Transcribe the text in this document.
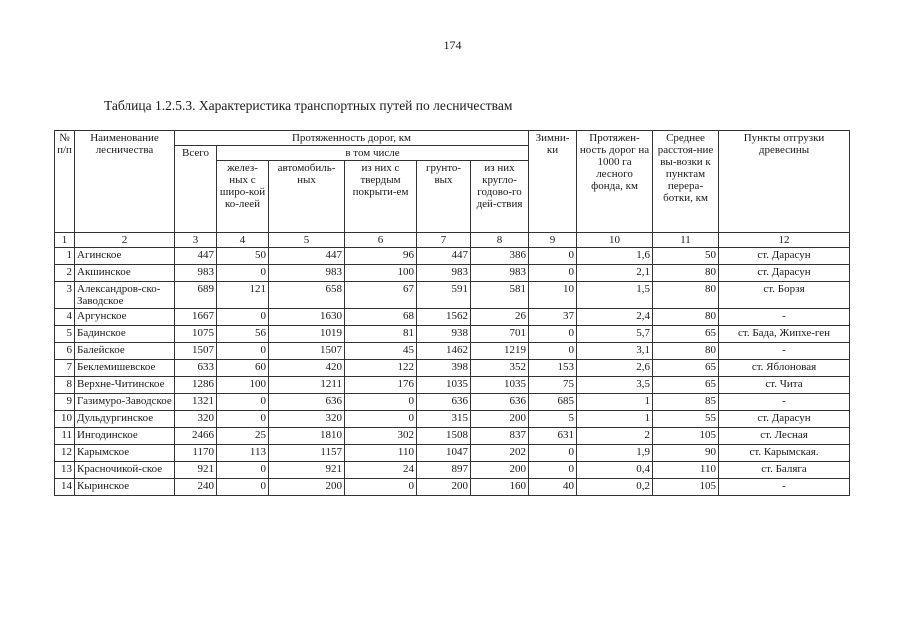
174
Таблица 1.2.5.3. Характеристика транспортных путей по лесничествам
№ п/п	Наименование лесничества	Протяженность дорог, км						Зимни-ки	Протяжен-ность дорог на 1000 га лесного фонда, км	Среднее расстоя-ние вы-возки к пунктам перера-ботки, км	Пункты отгрузки древесины
		Всего	в том числе								
			желез-ных с широ-кой ко-леей	автомобиль-ных	из них с твердым покрыти-ем	грунто-вых	из них кругло-годово-го дей-ствия				
1	2	3	4	5	6	7	8	9	10	11	12
1	Агинское	447	50	447	96	447	386	0	1,6	50	ст. Дарасун
2	Акшинское	983	0	983	100	983	983	0	2,1	80	ст. Дарасун
3	Александров-ско-Заводское	689	121	658	67	591	581	10	1,5	80	ст. Борзя
4	Аргунское	1667	0	1630	68	1562	26	37	2,4	80	-
5	Бадинское	1075	56	1019	81	938	701	0	5,7	65	ст. Бада, Жипхе-ген
6	Балейское	1507	0	1507	45	1462	1219	0	3,1	80	-
7	Беклемишевское	633	60	420	122	398	352	153	2,6	65	ст. Яблоновая
8	Верхне-Читинское	1286	100	1211	176	1035	1035	75	3,5	65	ст. Чита
9	Газимуро-Заводское	1321	0	636	0	636	636	685	1	85	-
10	Дульдургинское	320	0	320	0	315	200	5	1	55	ст. Дарасун
11	Ингодинское	2466	25	1810	302	1508	837	631	2	105	ст. Лесная
12	Карымское	1170	113	1157	110	1047	202	0	1,9	90	ст. Карымская.
13	Красночикой-ское	921	0	921	24	897	200	0	0,4	110	ст. Баляга
14	Кыринское	240	0	200	0	200	160	40	0,2	105	-
